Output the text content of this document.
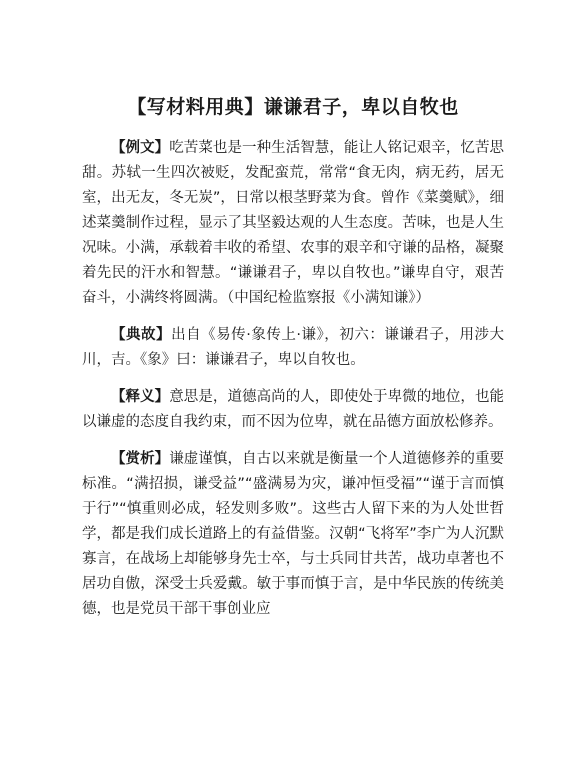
【写材料用典】谦谦君子，卑以自牧也

【例文】吃苦菜也是一种生活智慧，能让人铭记艰辛，忆苦思甜。苏轼一生四次被贬，发配蛮荒，常常“食无肉，病无药，居无室，出无友，冬无炭”，日常以根茎野菜为食。曾作《菜羹赋》，细述菜羹制作过程，显示了其坚毅达观的人生态度。苦味，也是人生况味。小满，承载着丰收的希望、农事的艰辛和守谦的品格，凝聚着先民的汗水和智慧。“谦谦君子，卑以自牧也。”谦卑自守，艰苦奋斗，小满终将圆满。（中国纪检监察报《小满知谦》）

【典故】出自《易传·象传上·谦》，初六：谦谦君子，用涉大川，吉。《象》曰：谦谦君子，卑以自牧也。

【释义】意思是，道德高尚的人，即使处于卑微的地位，也能以谦虚的态度自我约束，而不因为位卑，就在品德方面放松修养。

【赏析】谦虚谨慎，自古以来就是衡量一个人道德修养的重要标准。“满招损，谦受益”“盛满易为灾，谦冲恒受福”“谨于言而慎于行”“慎重则必成，轻发则多败”。这些古人留下来的为人处世哲学，都是我们成长道路上的有益借鉴。汉朝“飞将军”李广为人沉默寡言，在战场上却能够身先士卒，与士兵同甘共苦，战功卓著也不居功自傲，深受士兵爱戴。敏于事而慎于言，是中华民族的传统美德，也是党员干部干事创业应
